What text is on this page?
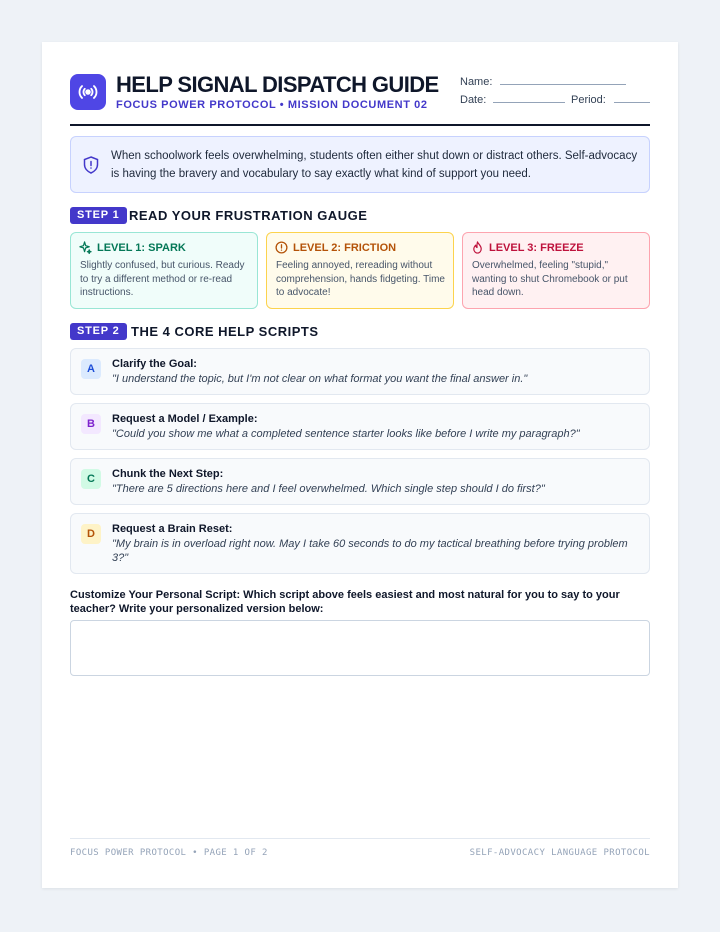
HELP SIGNAL DISPATCH GUIDE
FOCUS POWER PROTOCOL • MISSION DOCUMENT 02
Name:
Date:	Period:
When schoolwork feels overwhelming, students often either shut down or distract others. Self-advocacy is having the bravery and vocabulary to say exactly what kind of support you need.
STEP 1 READ YOUR FRUSTRATION GAUGE
LEVEL 1: SPARK
Slightly confused, but curious. Ready to try a different method or re-read instructions.
LEVEL 2: FRICTION
Feeling annoyed, rereading without comprehension, hands fidgeting. Time to advocate!
LEVEL 3: FREEZE
Overwhelmed, feeling "stupid," wanting to shut Chromebook or put head down.
STEP 2 THE 4 CORE HELP SCRIPTS
A	Clarify the Goal:
"I understand the topic, but I'm not clear on what format you want the final answer in."
B	Request a Model / Example:
"Could you show me what a completed sentence starter looks like before I write my paragraph?"
C	Chunk the Next Step:
"There are 5 directions here and I feel overwhelmed. Which single step should I do first?"
D	Request a Brain Reset:
"My brain is in overload right now. May I take 60 seconds to do my tactical breathing before trying problem 3?"
Customize Your Personal Script: Which script above feels easiest and most natural for you to say to your teacher? Write your personalized version below:
FOCUS POWER PROTOCOL • PAGE 1 OF 2	SELF-ADVOCACY LANGUAGE PROTOCOL
